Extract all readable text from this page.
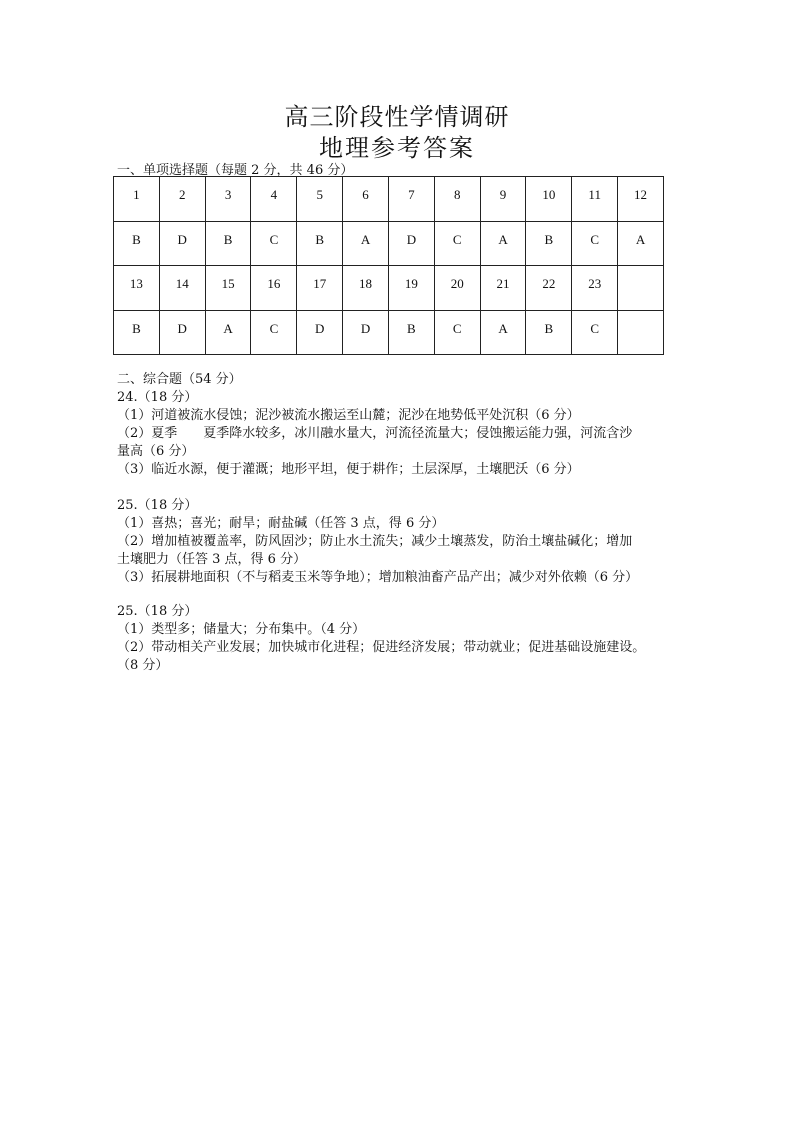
高三阶段性学情调研
地理参考答案
一、单项选择题（每题 2 分，共 46 分）
1	2	3	4	5	6	7	8	9	10	11	12
B	D	B	C	B	A	D	C	A	B	C	A
13	14	15	16	17	18	19	20	21	22	23	
B	D	A	C	D	D	B	C	A	B	C	

二、综合题（54 分）

24.（18 分）

（1）河道被流水侵蚀；泥沙被流水搬运至山麓；泥沙在地势低平处沉积（6 分）

（2）夏季　　夏季降水较多，冰川融水量大，河流径流量大；侵蚀搬运能力强，河流含沙

量高（6 分）

（3）临近水源，便于灌溉；地形平坦，便于耕作；土层深厚，土壤肥沃（6 分）

25.（18 分）

（1）喜热；喜光；耐旱；耐盐碱（任答 3 点，得 6 分）

（2）增加植被覆盖率，防风固沙；防止水土流失；减少土壤蒸发，防治土壤盐碱化；增加

土壤肥力（任答 3 点，得 6 分）

（3）拓展耕地面积（不与稻麦玉米等争地）；增加粮油畜产品产出；减少对外依赖（6 分）

25.（18 分）

（1）类型多；储量大；分布集中。（4 分）

（2）带动相关产业发展；加快城市化进程；促进经济发展；带动就业；促进基础设施建设。

（8 分）
